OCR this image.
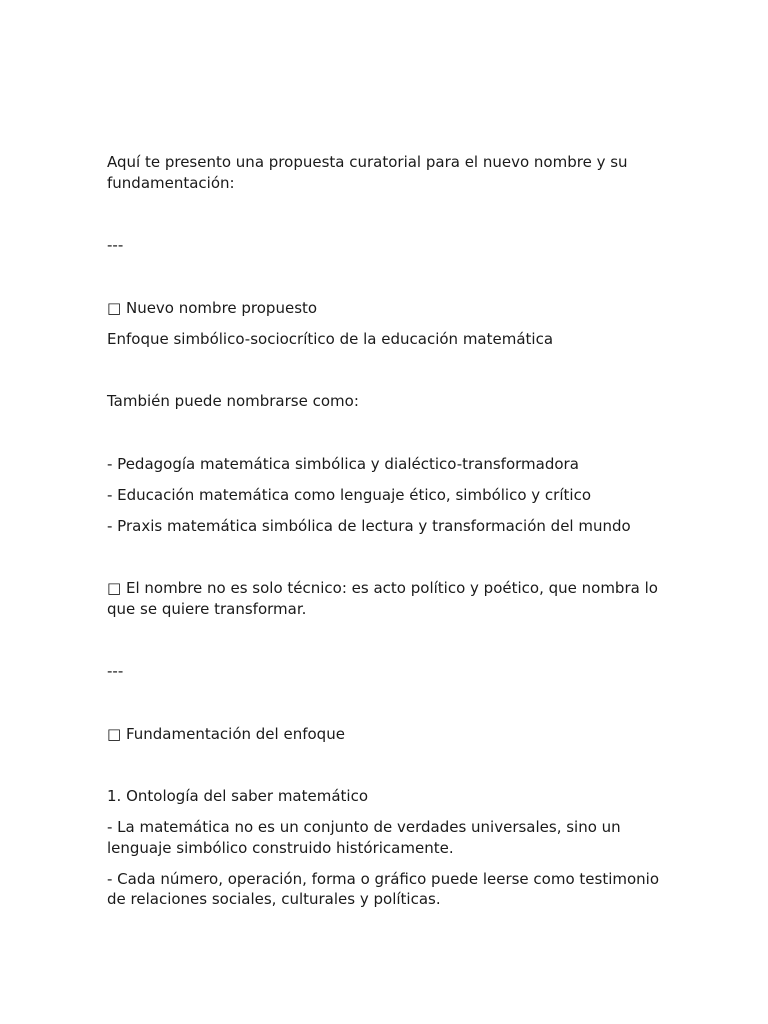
Aquí te presento una propuesta curatorial para el nuevo nombre y su fundamentación:

---

□ Nuevo nombre propuesto

Enfoque simbólico-sociocrítico de la educación matemática

También puede nombrarse como:

- Pedagogía matemática simbólica y dialéctico-transformadora

- Educación matemática como lenguaje ético, simbólico y crítico

- Praxis matemática simbólica de lectura y transformación del mundo

□ El nombre no es solo técnico: es acto político y poético, que nombra lo que se quiere transformar.

---

□ Fundamentación del enfoque

1. Ontología del saber matemático

- La matemática no es un conjunto de verdades universales, sino un lenguaje simbólico construido históricamente.

- Cada número, operación, forma o gráfico puede leerse como testimonio de relaciones sociales, culturales y políticas.
